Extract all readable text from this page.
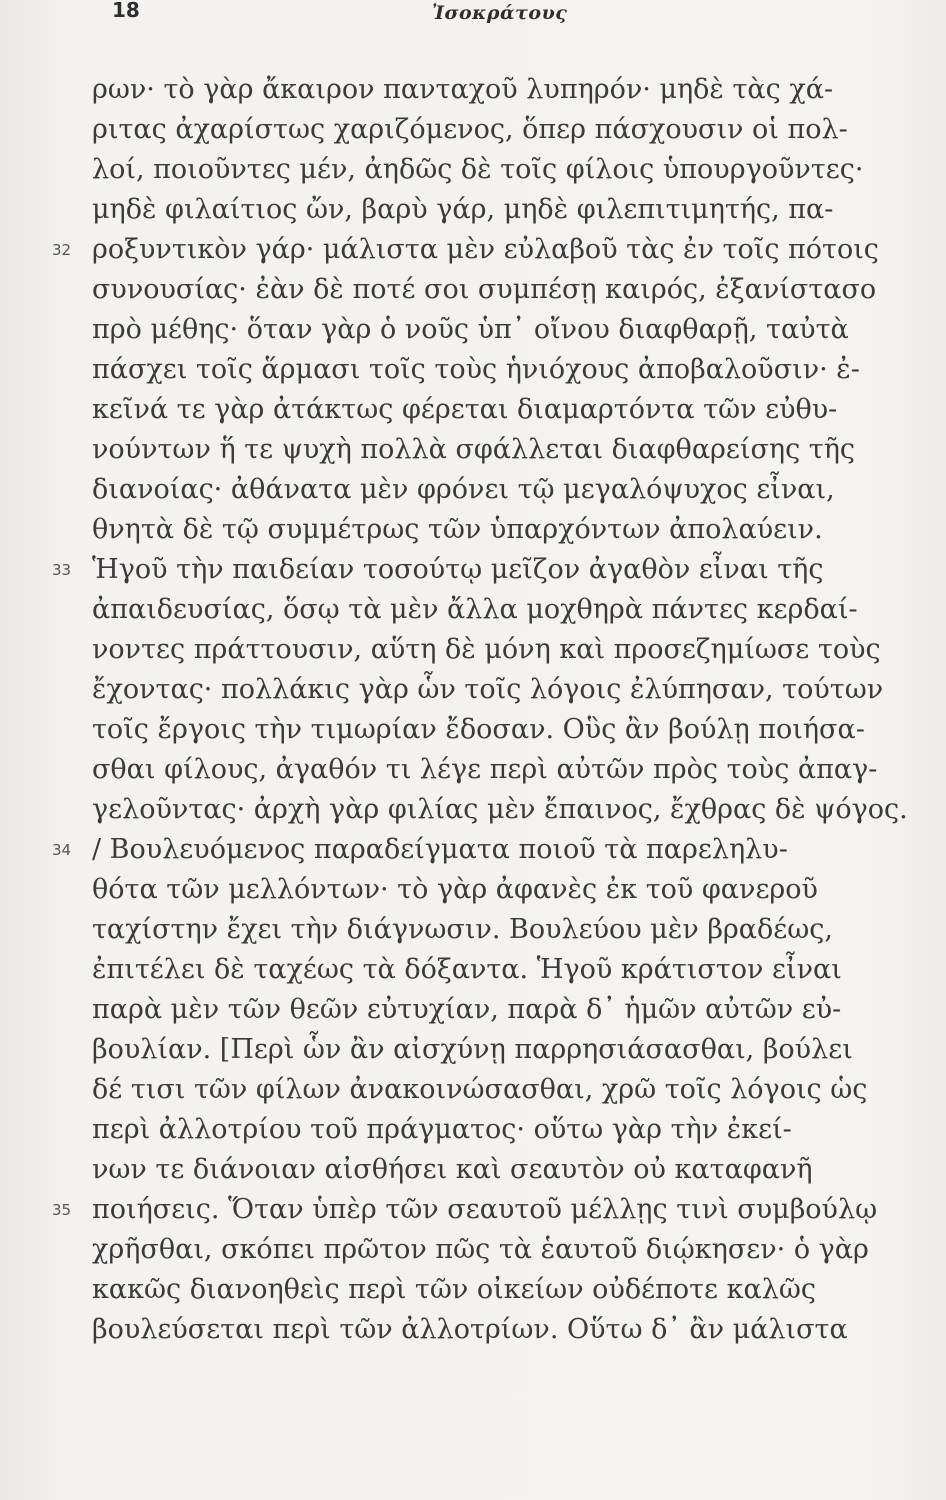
18	Ἰσοκράτους
ρων· τὸ γὰρ ἄκαιρον πανταχοῦ λυπηρόν· μηδὲ τὰς χά-
ριτας ἀχαρίστως χαριζόμενος, ὅπερ πάσχουσιν οἱ πολ-
λοί, ποιοῦντες μέν, ἀηδῶς δὲ τοῖς φίλοις ὑπουργοῦντες·
μηδὲ φιλαίτιος ὤν, βαρὺ γάρ, μηδὲ φιλεπιτιμητής, πα-
32 ροξυντικὸν γάρ· μάλιστα μὲν εὐλαβοῦ τὰς ἐν τοῖς πότοις
συνουσίας· ἐὰν δὲ ποτέ σοι συμπέσῃ καιρός, ἐξανίστασο
πρὸ μέθης· ὅταν γὰρ ὁ νοῦς ὑπ᾽ οἴνου διαφθαρῇ, ταὐτὰ
πάσχει τοῖς ἅρμασι τοῖς τοὺς ἡνιόχους ἀποβαλοῦσιν· ἐ-
κεῖνά τε γὰρ ἀτάκτως φέρεται διαμαρτόντα τῶν εὐθυ-
νούντων ἥ τε ψυχὴ πολλὰ σφάλλεται διαφθαρείσης τῆς
διανοίας· ἀθάνατα μὲν φρόνει τῷ μεγαλόψυχος εἶναι,
θνητὰ δὲ τῷ συμμέτρως τῶν ὑπαρχόντων ἀπολαύειν.
33 Ἡγοῦ τὴν παιδείαν τοσούτῳ μεῖζον ἀγαθὸν εἶναι τῆς
ἀπαιδευσίας, ὅσῳ τὰ μὲν ἄλλα μοχθηρὰ πάντες κερδαί-
νοντες πράττουσιν, αὕτη δὲ μόνη καὶ προσεζημίωσε τοὺς
ἔχοντας· πολλάκις γὰρ ὧν τοῖς λόγοις ἐλύπησαν, τούτων
τοῖς ἔργοις τὴν τιμωρίαν ἔδοσαν. Οὓς ἂν βούλῃ ποιήσα-
σθαι φίλους, ἀγαθόν τι λέγε περὶ αὐτῶν πρὸς τοὺς ἀπαγ-
γελοῦντας· ἀρχὴ γὰρ φιλίας μὲν ἔπαινος, ἔχθρας δὲ ψόγος.
34 / Βουλευόμενος παραδείγματα ποιοῦ τὰ παρεληλυ-
θότα τῶν μελλόντων· τὸ γὰρ ἀφανὲς ἐκ τοῦ φανεροῦ
ταχίστην ἔχει τὴν διάγνωσιν. Βουλεύου μὲν βραδέως,
ἐπιτέλει δὲ ταχέως τὰ δόξαντα. Ἡγοῦ κράτιστον εἶναι
παρὰ μὲν τῶν θεῶν εὐτυχίαν, παρὰ δ᾽ ἡμῶν αὐτῶν εὐ-
βουλίαν. [Περὶ ὧν ἂν αἰσχύνῃ παρρησιάσασθαι, βούλει
δέ τισι τῶν φίλων ἀνακοινώσασθαι, χρῶ τοῖς λόγοις ὡς
περὶ ἀλλοτρίου τοῦ πράγματος· οὕτω γὰρ τὴν ἐκεί-
νων τε διάνοιαν αἰσθήσει καὶ σεαυτὸν οὐ καταφανῆ
35 ποιήσεις. Ὅταν ὑπὲρ τῶν σεαυτοῦ μέλλῃς τινὶ συμβούλῳ
χρῆσθαι, σκόπει πρῶτον πῶς τὰ ἑαυτοῦ διῴκησεν· ὁ γὰρ
κακῶς διανοηθεὶς περὶ τῶν οἰκείων οὐδέποτε καλῶς
βουλεύσεται περὶ τῶν ἀλλοτρίων. Οὕτω δ᾽ ἂν μάλιστα
